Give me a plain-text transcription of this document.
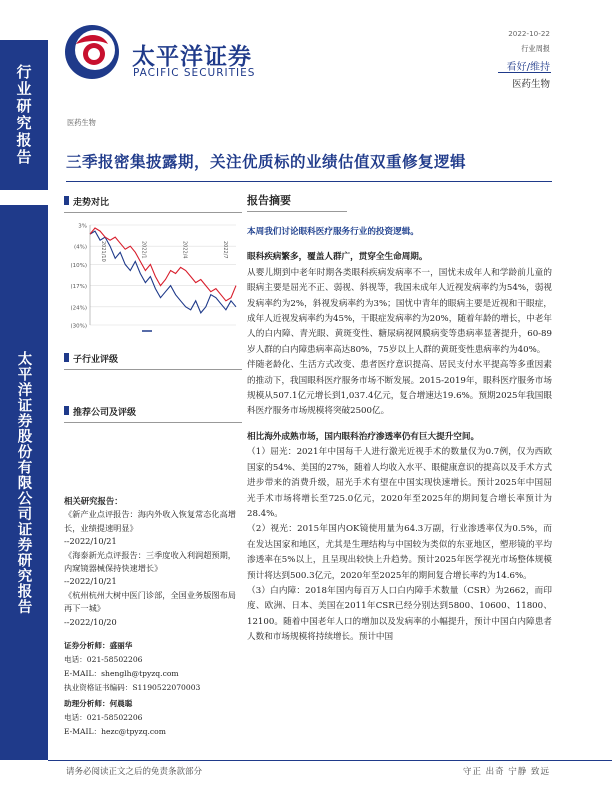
行业研究报告
太平洋证券股份有限公司证券研究报告
太平洋证券
PACIFIC SECURITIES
2022-10-22
行业周报
看好/维持
医药生物
医药生物
三季报密集披露期，关注优质标的业绩估值双重修复逻辑
走势对比
3%
(4%)
(10%)
(17%)
(24%)
(30%)
2021/10	2022/1	2022/4	2022/7
子行业评级
推荐公司及评级
相关研究报告：
《新产业点评报告：海内外收入恢复常态化高增长，业绩提速明显》
--2022/10/21
《海泰新光点评报告：三季度收入利润超预期，内窥镜器械保持快速增长》
--2022/10/21
《杭州杭州大树中医门诊部，全国业务版图布局再下一城》
--2022/10/20
证券分析师：盛丽华
电话：021-58502206
E-MAIL：shenglh@tpyzq.com
执业资格证书编码：S1190522070003
助理分析师：何晨聪
电话：021-58502206
E-MAIL：hezc@tpyzq.com
报告摘要

本周我们讨论眼科医疗服务行业的投资逻辑。

眼科疾病繁多，覆盖人群广，贯穿全生命周期。

从婴儿期到中老年时期各类眼科疾病发病率不一，国忧未成年人和学龄前儿童的眼病主要是屈光不正、弱视、斜视等，我国未成年人近视发病率约为54%，弱视发病率约为2%，斜视发病率约为3%；国忧中青年的眼病主要是近视和干眼症，成年人近视发病率约为45%，干眼症发病率约为20%，随着年龄的增长，中老年人的白内障、青光眼、黄斑变性、糖尿病视网膜病变等患病率显著提升，60-89岁人群的白内障患病率高达80%，75岁以上人群的黄斑变性患病率约为40%。

伴随老龄化、生活方式改变、患者医疗意识提高、居民支付水平提高等多重因素的推动下，我国眼科医疗服务市场不断发展。2015-2019年，眼科医疗服务市场规模从507.1亿元增长到1,037.4亿元，复合增速达19.6%。预期2025年我国眼科医疗服务市场规模将突破2500亿。

相比海外成熟市场，国内眼科治疗渗透率仍有巨大提升空间。

（1）屈光：2021年中国每千人进行激光近视手术的数量仅为0.7例，仅为西欧国家的54%、美国的27%，随着人均收入水平、眼健康意识的提高以及手术方式进步带来的消费升级，屈光手术有望在中国实现快速增长。预计2025年中国屈光手术市场将增长至725.0亿元，2020年至2025年的期间复合增长率预计为28.4%。

（2）视光：2015年国内OK镜使用量为64.3万副，行业渗透率仅为0.5%，而在发达国家和地区，尤其是生理结构与中国较为类似的东亚地区，塑形镜的平均渗透率在5%以上，且呈现出较快上升趋势。预计2025年医学视光市场整体规模预计将达到500.3亿元，2020年至2025年的期间复合增长率约为14.6%。

（3）白内障：2018年国内每百万人口白内障手术数量（CSR）为2662，而印度、欧洲、日本、美国在2011年CSR已经分别达到5800、10600、11800、12100。随着中国老年人口的增加以及发病率的小幅提升，预计中国白内障患者人数和市场规模将持续增长。预计中国

请务必阅读正文之后的免责条款部分	守正 出奇 宁静 致远
